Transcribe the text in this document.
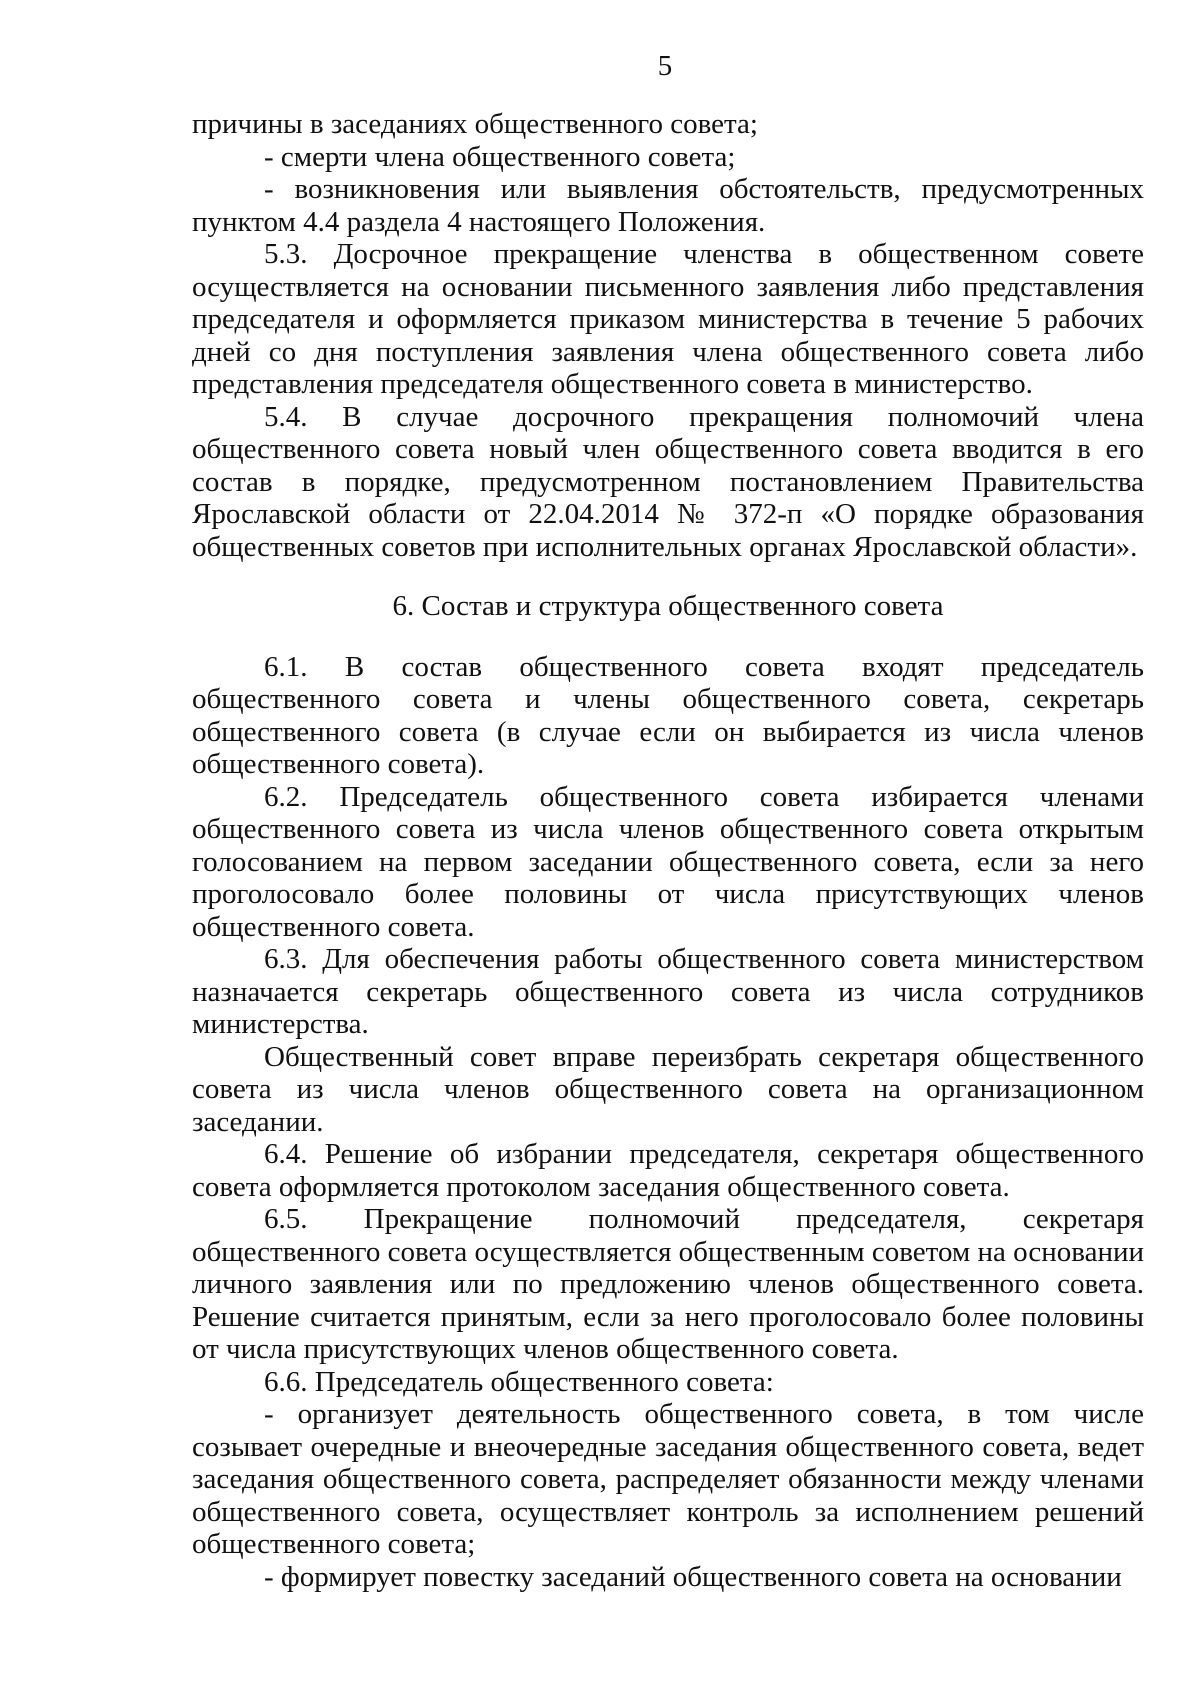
5

причины в заседаниях общественного совета;

- смерти члена общественного совета;

- возникновения или выявления обстоятельств, предусмотренных пунктом 4.4 раздела 4 настоящего Положения.

5.3. Досрочное прекращение членства в общественном совете осуществляется на основании письменного заявления либо представления председателя и оформляется приказом министерства в течение 5 рабочих дней со дня поступления заявления члена общественного совета либо представления председателя общественного совета в министерство.

5.4. В случае досрочного прекращения полномочий члена общественного совета новый член общественного совета вводится в его состав в порядке, предусмотренном постановлением Правительства Ярославской области от 22.04.2014 № 372-п «О порядке образования общественных советов при исполнительных органах Ярославской области».

6. Состав и структура общественного совета

6.1. В состав общественного совета входят председатель общественного совета и члены общественного совета, секретарь общественного совета (в случае если он выбирается из числа членов общественного совета).

6.2. Председатель общественного совета избирается членами общественного совета из числа членов общественного совета открытым голосованием на первом заседании общественного совета, если за него проголосовало более половины от числа присутствующих членов общественного совета.

6.3. Для обеспечения работы общественного совета министерством назначается секретарь общественного совета из числа сотрудников министерства.

Общественный совет вправе переизбрать секретаря общественного совета из числа членов общественного совета на организационном заседании.

6.4. Решение об избрании председателя, секретаря общественного совета оформляется протоколом заседания общественного совета.

6.5. Прекращение полномочий председателя, секретаря общественного совета осуществляется общественным советом на основании личного заявления или по предложению членов общественного совета. Решение считается принятым, если за него проголосовало более половины от числа присутствующих членов общественного совета.

6.6. Председатель общественного совета:

- организует деятельность общественного совета, в том числе созывает очередные и внеочередные заседания общественного совета, ведет заседания общественного совета, распределяет обязанности между членами общественного совета, осуществляет контроль за исполнением решений общественного совета;

- формирует повестку заседаний общественного совета на основании
